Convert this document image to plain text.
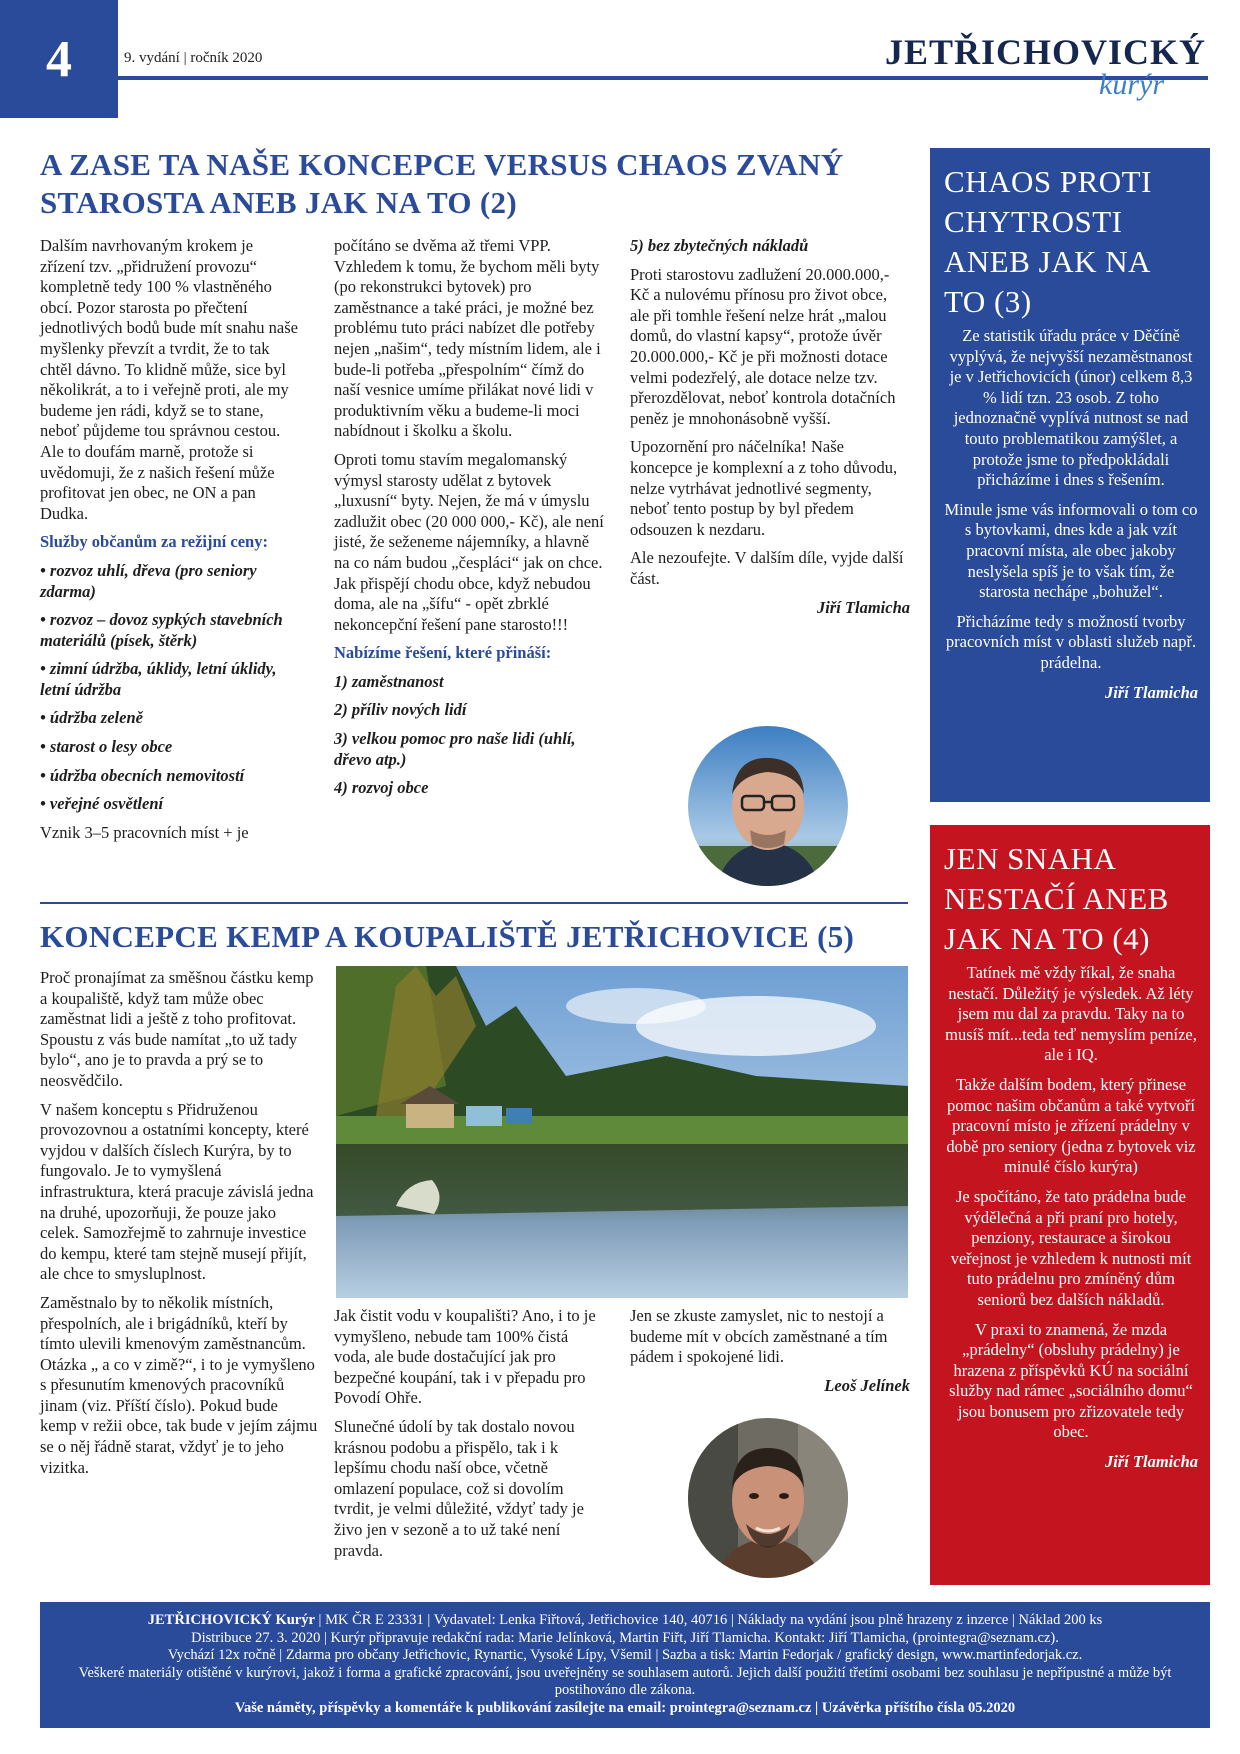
4	9. vydání | ročník 2020	JETŘICHOVICKÝ
kurýr
A ZASE TA NAŠE KONCEPCE VERSUS CHAOS ZVANÝ STAROSTA ANEB JAK NA TO (2)

Dalším navrhovaným krokem je zřízení tzv. „přidružení provozu“ kompletně tedy 100 % vlastněného obcí. Pozor starosta po přečtení jednotlivých bodů bude mít snahu naše myšlenky převzít a tvrdit, že to tak chtěl dávno. To klidně může, sice byl několikrát, a to i veřejně proti, ale my budeme jen rádi, když se to stane, neboť půjdeme tou správnou cestou. Ale to doufám marně, protože si uvědomuji, že z našich řešení může profitovat jen obec, ne ON a pan Dudka.

Služby občanům za režijní ceny:

• rozvoz uhlí, dřeva (pro seniory zdarma)

• rozvoz – dovoz sypkých stavebních materiálů (písek, štěrk)

• zimní údržba, úklidy, letní úklidy, letní údržba

• údržba zeleně

• starost o lesy obce

• údržba obecních nemovitostí

• veřejné osvětlení

Vznik 3–5 pracovních míst + je

počítáno se dvěma až třemi VPP. Vzhledem k tomu, že bychom měli byty (po rekonstrukci bytovek) pro zaměstnance a také práci, je možné bez problému tuto práci nabízet dle potřeby nejen „našim“, tedy místním lidem, ale i bude-li potřeba „přespolním“ čímž do naší vesnice umíme přilákat nové lidi v produktivním věku a budeme-li moci nabídnout i školku a školu.

Oproti tomu stavím megalomanský výmysl starosty udělat z bytovek „luxusní“ byty. Nejen, že má v úmyslu zadlužit obec (20 000 000,- Kč), ale není jisté, že seženeme nájemníky, a hlavně na co nám budou „čespláci“ jak on chce. Jak přispějí chodu obce, když nebudou doma, ale na „šífu“ - opět zbrklé nekoncepční řešení pane starosto!!!

Nabízíme řešení, které přináší:

1) zaměstnanost

2) příliv nových lidí

3) velkou pomoc pro naše lidi (uhlí, dřevo atp.)

4) rozvoj obce

5) bez zbytečných nákladů

Proti starostovu zadlužení 20.000.000,- Kč a nulovému přínosu pro život obce, ale při tomhle řešení nelze hrát „malou domů, do vlastní kapsy“, protože úvěr 20.000.000,- Kč je při možnosti dotace velmi podezřelý, ale dotace nelze tzv. přerozdělovat, neboť kontrola dotačních peněz je mnohonásobně vyšší.

Upozornění pro náčelníka! Naše koncepce je komplexní a z toho důvodu, nelze vytrhávat jednotlivé segmenty, neboť tento postup by byl předem odsouzen k nezdaru.

Ale nezoufejte. V dalším díle, vyjde další část.

Jiří Tlamicha

KONCEPCE KEMP A KOUPALIŠTĚ JETŘICHOVICE (5)

Proč pronajímat za směšnou částku kemp a koupaliště, když tam může obec zaměstnat lidi a ještě z toho profitovat. Spoustu z vás bude namítat „to už tady bylo“, ano je to pravda a prý se to neosvědčilo.

V našem konceptu s Přidruženou provozovnou a ostatními koncepty, které vyjdou v dalších číslech Kurýra, by to fungovalo. Je to vymyšlená infrastruktura, která pracuje závislá jedna na druhé, upozorňuji, že pouze jako celek. Samozřejmě to zahrnuje investice do kempu, které tam stejně musejí přijít, ale chce to smysluplnost.

Zaměstnalo by to několik místních, přespolních, ale i brigádníků, kteří by tímto ulevili kmenovým zaměstnancům. Otázka „ a co v zimě?“, i to je vymyšleno s přesunutím kmenových pracovníků jinam (viz. Příští číslo). Pokud bude kemp v režii obce, tak bude v jejím zájmu se o něj řádně starat, vždyť je to jeho vizitka.

Jak čistit vodu v koupališti? Ano, i to je vymyšleno, nebude tam 100% čistá voda, ale bude dostačující jak pro bezpečné koupání, tak i v přepadu pro Povodí Ohře.

Slunečné údolí by tak dostalo novou krásnou podobu a přispělo, tak i k lepšímu chodu naší obce, včetně omlazení populace, což si dovolím tvrdit, je velmi důležité, vždyť tady je živo jen v sezoně a to už také není pravda.

Jen se zkuste zamyslet, nic to nestojí a budeme mít v obcích zaměstnané a tím pádem i spokojené lidi.

Leoš Jelínek

CHAOS PROTI CHYTROSTI ANEB JAK NA TO (3)

Ze statistik úřadu práce v Děčíně vyplývá, že nejvyšší nezaměstnanost je v Jetřichovicích (únor) celkem 8,3 % lidí tzn. 23 osob. Z toho jednoznačně vyplívá nutnost se nad touto problematikou zamýšlet, a protože jsme to předpokládali přicházíme i dnes s řešením.

Minule jsme vás informovali o tom co s bytovkami, dnes kde a jak vzít pracovní místa, ale obec jakoby neslyšela spíš je to však tím, že starosta nechápe „bohužel“.

Přicházíme tedy s možností tvorby pracovních míst v oblasti služeb např. prádelna.

Jiří Tlamicha
JEN SNAHA NESTAČÍ ANEB JAK NA TO (4)

Tatínek mě vždy říkal, že snaha nestačí. Důležitý je výsledek. Až léty jsem mu dal za pravdu. Taky na to musíš mít...teda teď nemyslím peníze, ale i IQ.

Takže dalším bodem, který přinese pomoc našim občanům a také vytvoří pracovní místo je zřízení prádelny v době pro seniory (jedna z bytovek viz minulé číslo kurýra)

Je spočítáno, že tato prádelna bude výdělečná a při praní pro hotely, penziony, restaurace a širokou veřejnost je vzhledem k nutnosti mít tuto prádelnu pro zmíněný dům seniorů bez dalších nákladů.

V praxi to znamená, že mzda „prádelny“ (obsluhy prádelny) je hrazena z příspěvků KÚ na sociální služby nad rámec „sociálního domu“ jsou bonusem pro zřizovatele tedy obec.

Jiří Tlamicha
JETŘICHOVICKÝ Kurýr | MK ČR E 23331 | Vydavatel: Lenka Fiřtová, Jetřichovice 140, 40716 | Náklady na vydání jsou plně hrazeny z inzerce | Náklad 200 ks
Distribuce 27. 3. 2020 | Kurýr připravuje redakční rada: Marie Jelínková, Martin Fiřt, Jiří Tlamicha. Kontakt: Jiří Tlamicha, (prointegra@seznam.cz).
Vychází 12x ročně | Zdarma pro občany Jetřichovic, Rynartic, Vysoké Lípy, Všemil | Sazba a tisk: Martin Fedorjak / grafický design, www.martinfedorjak.cz.
Veškeré materiály otištěné v kurýrovi, jakož i forma a grafické zpracování, jsou uveřejněny se souhlasem autorů. Jejich další použití třetími osobami bez souhlasu je nepřípustné a může být postihováno dle zákona.
Vaše náměty, příspěvky a komentáře k publikování zasílejte na email: prointegra@seznam.cz | Uzávěrka příštího čísla 05.2020
